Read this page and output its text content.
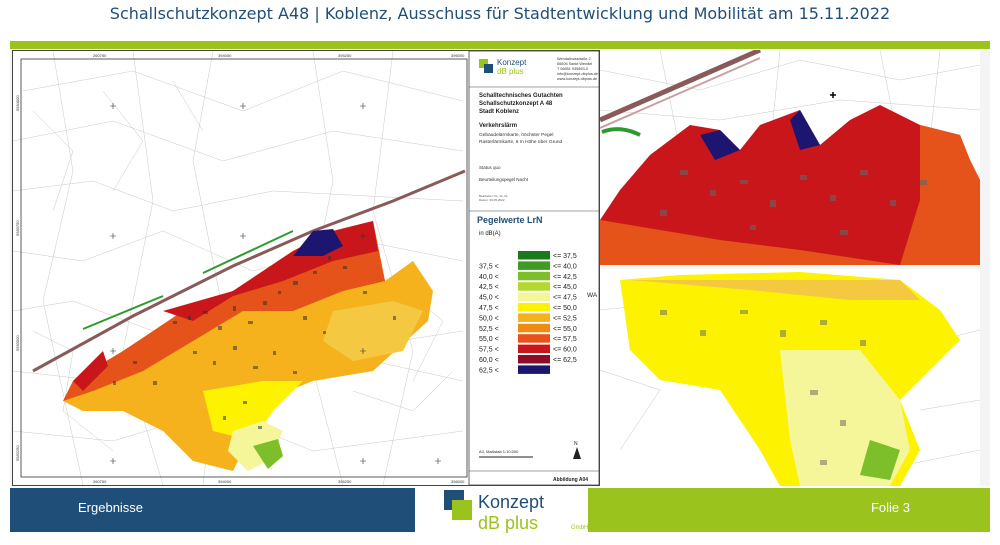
Schallschutzkonzept A48 | Koblenz, Ausschuss für Stadtentwicklung und Mobilität am 15.11.2022
260750	394000	395250	396000
260750	394000	395250	396000
5584000
5583750
5583500
5583250
Konzept
dB plus
Wendalinusstraße 2
66606 Sankt Wendel
T 06851 939893-0
info@konzept-dbplus.de
www.konzept-dbplus.de
Schalltechnisches Gutachten
Schallschutzkonzept A 48
Stadt Koblenz
Verkehrslärm
Gebäudelärmkarte, höchster Pegel
Rasterlärmkarte, 6 m Höhe über Grund
Status quo
Beurteilungspegel Nacht
Bearbeiter: FL, sk, hk
Datum: 30.05.2022
Pegelwerte LrN
in dB(A)
<= 37,5
37,5 <	<= 40,0
40,0 <	<= 42,5
42,5 <	<= 45,0
45,0 <	<= 47,5
47,5 <	<= 50,0
50,0 <	<= 52,5
52,5 <	<= 55,0
55,0 <	<= 57,5
57,5 <	<= 60,0
60,0 <	<= 62,5
62,5 <
WA
A3, Maßstab 1:10.000
N
Abbildung A04
Ergebnisse	Folie 3
Konzept
dB plus	GmbH
